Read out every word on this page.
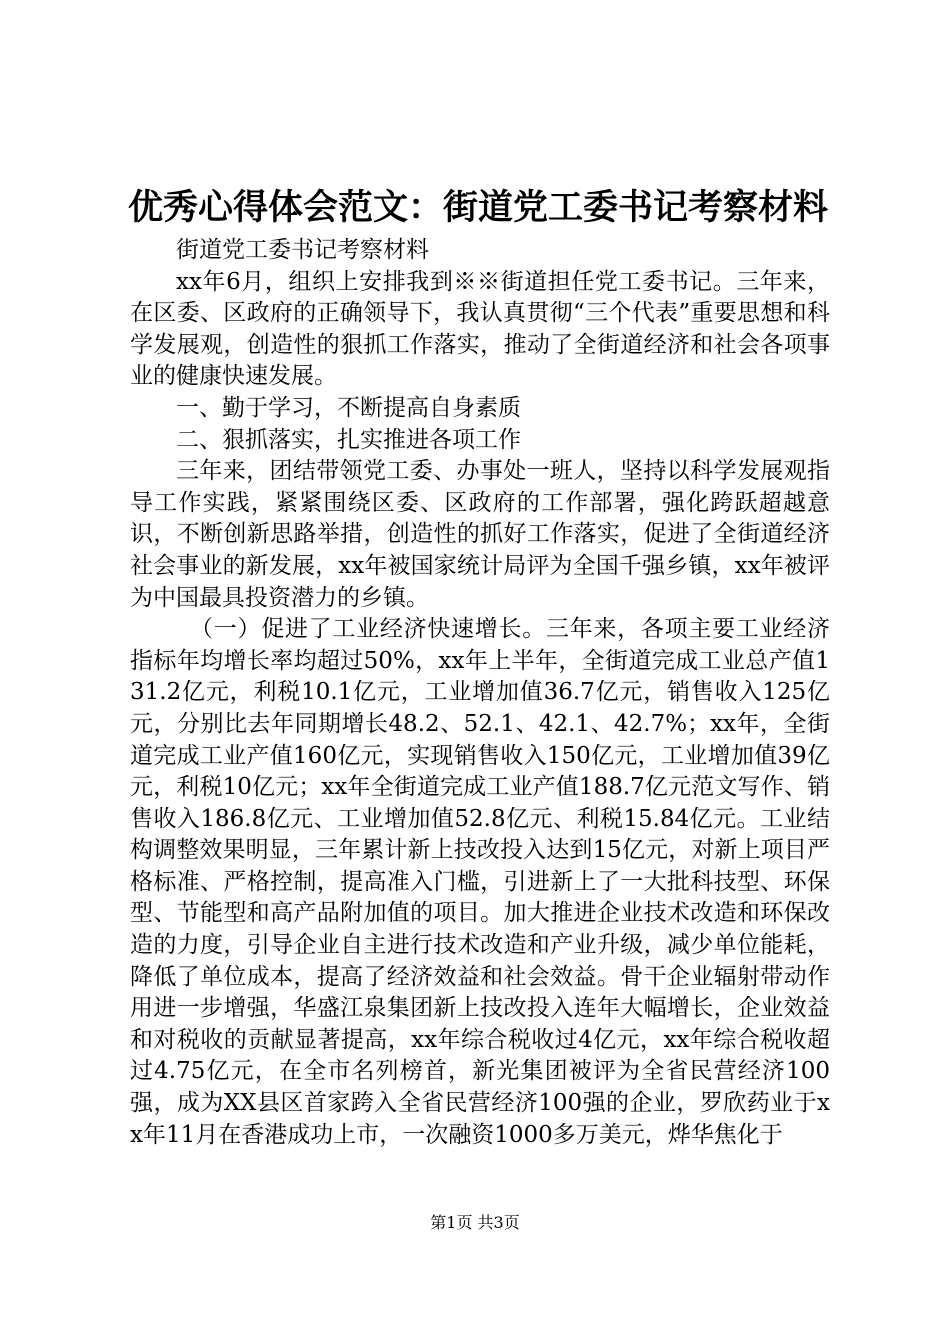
优秀心得体会范文：街道党工委书记考察材料

街道党工委书记考察材料

xx年6月，组织上安排我到※※街道担任党工委书记。三年来，在区委、区政府的正确领导下，我认真贯彻“三个代表”重要思想和科学发展观，创造性的狠抓工作落实，推动了全街道经济和社会各项事业的健康快速发展。

一、勤于学习，不断提高自身素质

二、狠抓落实，扎实推进各项工作

三年来，团结带领党工委、办事处一班人，坚持以科学发展观指导工作实践，紧紧围绕区委、区政府的工作部署，强化跨跃超越意识，不断创新思路举措，创造性的抓好工作落实，促进了全街道经济社会事业的新发展，xx年被国家统计局评为全国千强乡镇，xx年被评为中国最具投资潜力的乡镇。

（一）促进了工业经济快速增长。三年来，各项主要工业经济指标年均增长率均超过50%，xx年上半年，全街道完成工业总产值131.2亿元，利税10.1亿元，工业增加值36.7亿元，销售收入125亿元，分别比去年同期增长48.2、52.1、42.1、42.7%；xx年，全街道完成工业产值160亿元，实现销售收入150亿元，工业增加值39亿元，利税10亿元；xx年全街道完成工业产值188.7亿元范文写作、销售收入186.8亿元、工业增加值52.8亿元、利税15.84亿元。工业结构调整效果明显，三年累计新上技改投入达到15亿元，对新上项目严格标准、严格控制，提高准入门槛，引进新上了一大批科技型、环保型、节能型和高产品附加值的项目。加大推进企业技术改造和环保改造的力度，引导企业自主进行技术改造和产业升级，减少单位能耗，降低了单位成本，提高了经济效益和社会效益。骨干企业辐射带动作用进一步增强，华盛江泉集团新上技改投入连年大幅增长，企业效益和对税收的贡献显著提高，xx年综合税收过4亿元，xx年综合税收超过4.75亿元，在全市名列榜首，新光集团被评为全省民营经济100强，成为XX县区首家跨入全省民营经济100强的企业，罗欣药业于xx年11月在香港成功上市，一次融资1000多万美元，烨华焦化于

第1页 共3页
